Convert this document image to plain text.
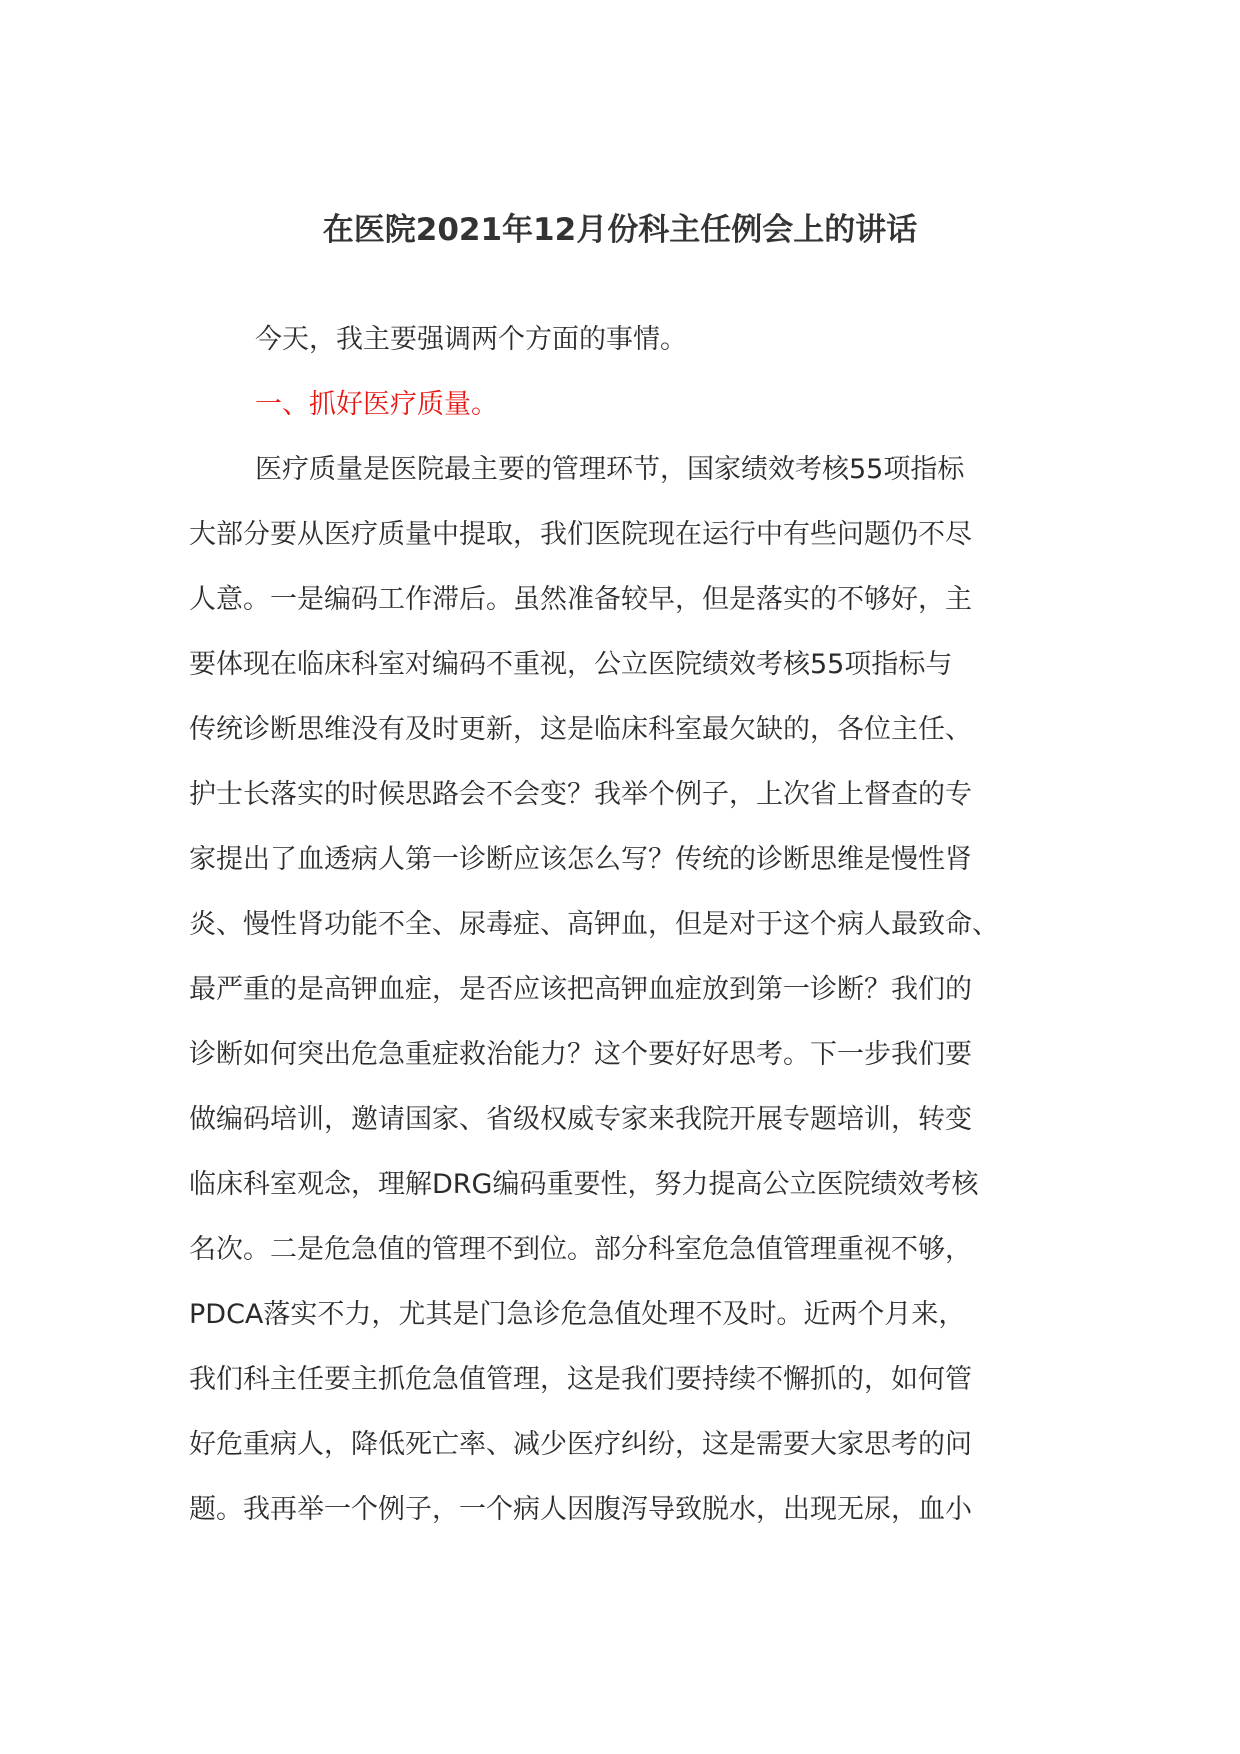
在医院2021年12月份科主任例会上的讲话

今天，我主要强调两个方面的事情。

一、抓好医疗质量。

医疗质量是医院最主要的管理环节，国家绩效考核55项指标
大部分要从医疗质量中提取，我们医院现在运行中有些问题仍不尽
人意。一是编码工作滞后。虽然准备较早，但是落实的不够好，主
要体现在临床科室对编码不重视，公立医院绩效考核55项指标与
传统诊断思维没有及时更新，这是临床科室最欠缺的，各位主任、
护士长落实的时候思路会不会变？我举个例子，上次省上督查的专
家提出了血透病人第一诊断应该怎么写？传统的诊断思维是慢性肾
炎、慢性肾功能不全、尿毒症、高钾血，但是对于这个病人最致命、
最严重的是高钾血症，是否应该把高钾血症放到第一诊断？我们的
诊断如何突出危急重症救治能力？这个要好好思考。下一步我们要
做编码培训，邀请国家、省级权威专家来我院开展专题培训，转变
临床科室观念，理解DRG编码重要性，努力提高公立医院绩效考核
名次。二是危急值的管理不到位。部分科室危急值管理重视不够，
PDCA落实不力，尤其是门急诊危急值处理不及时。近两个月来，
我们科主任要主抓危急值管理，这是我们要持续不懈抓的，如何管
好危重病人，降低死亡率、减少医疗纠纷，这是需要大家思考的问
题。我再举一个例子，一个病人因腹泻导致脱水，出现无尿，血小
